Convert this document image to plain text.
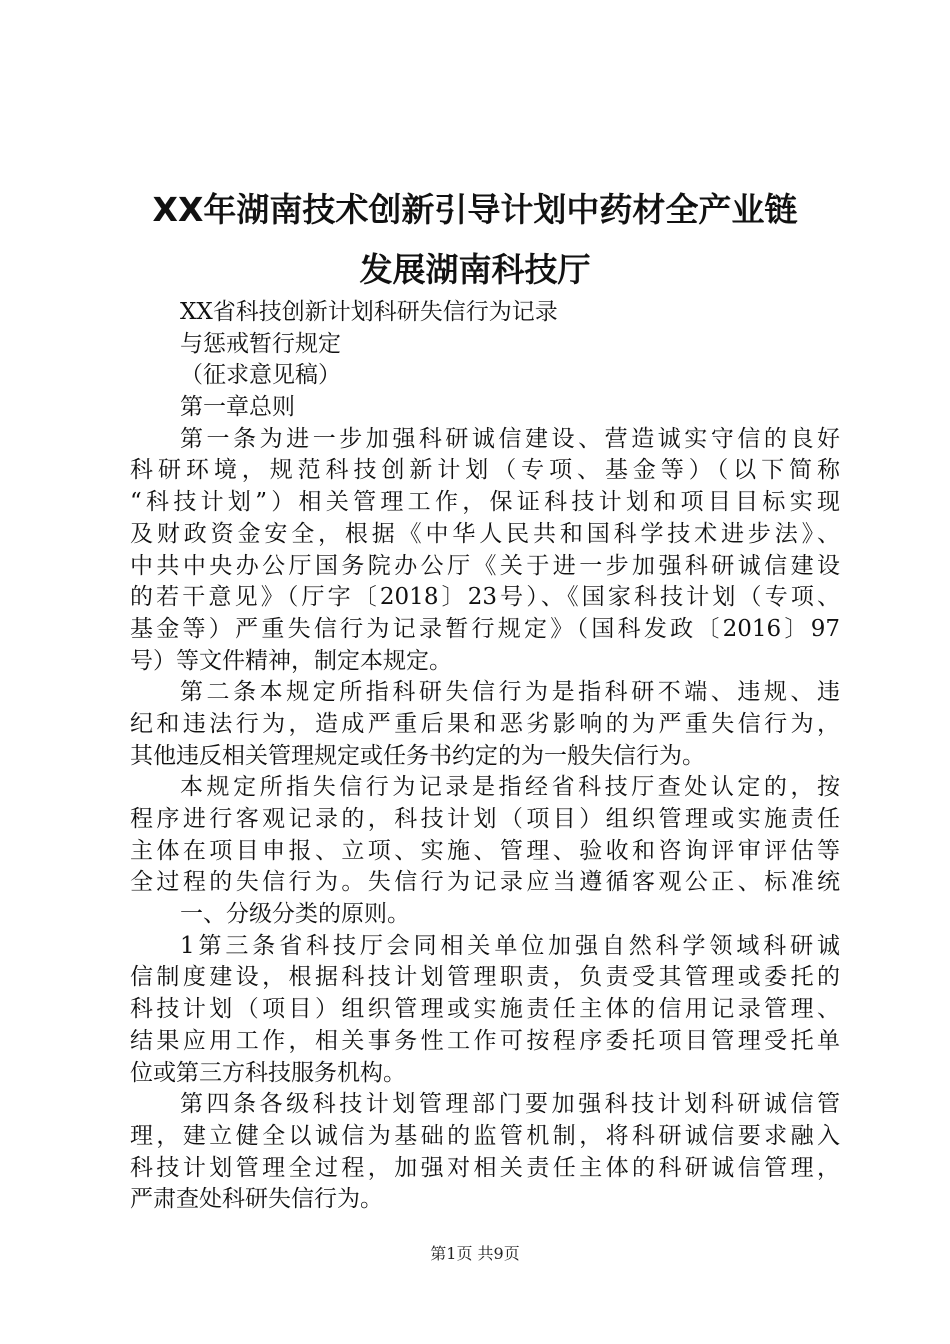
XX年湖南技术创新引导计划中药材全产业链
发展湖南科技厅
XX省科技创新计划科研失信行为记录
与惩戒暂行规定
（征求意见稿）
第一章总则
第一条为进一步加强科研诚信建设、营造诚实守信的良好
科研环境，规范科技创新计划（专项、基金等）（以下简称
“科技计划”）相关管理工作，保证科技计划和项目目标实现
及财政资金安全，根据《中华人民共和国科学技术进步法》、
中共中央办公厅国务院办公厅《关于进一步加强科研诚信建设
的若干意见》（厅字〔2018〕23号）、《国家科技计划（专项、
基金等）严重失信行为记录暂行规定》（国科发政〔2016〕97
号）等文件精神，制定本规定。
第二条本规定所指科研失信行为是指科研不端、违规、违
纪和违法行为，造成严重后果和恶劣影响的为严重失信行为，
其他违反相关管理规定或任务书约定的为一般失信行为。
本规定所指失信行为记录是指经省科技厅查处认定的，按
程序进行客观记录的，科技计划（项目）组织管理或实施责任
主体在项目申报、立项、实施、管理、验收和咨询评审评估等
全过程的失信行为。失信行为记录应当遵循客观公正、标准统
一、分级分类的原则。
1第三条省科技厅会同相关单位加强自然科学领域科研诚
信制度建设，根据科技计划管理职责，负责受其管理或委托的
科技计划（项目）组织管理或实施责任主体的信用记录管理、
结果应用工作，相关事务性工作可按程序委托项目管理受托单
位或第三方科技服务机构。
第四条各级科技计划管理部门要加强科技计划科研诚信管
理，建立健全以诚信为基础的监管机制，将科研诚信要求融入
科技计划管理全过程，加强对相关责任主体的科研诚信管理，
严肃查处科研失信行为。
第1页 共9页
